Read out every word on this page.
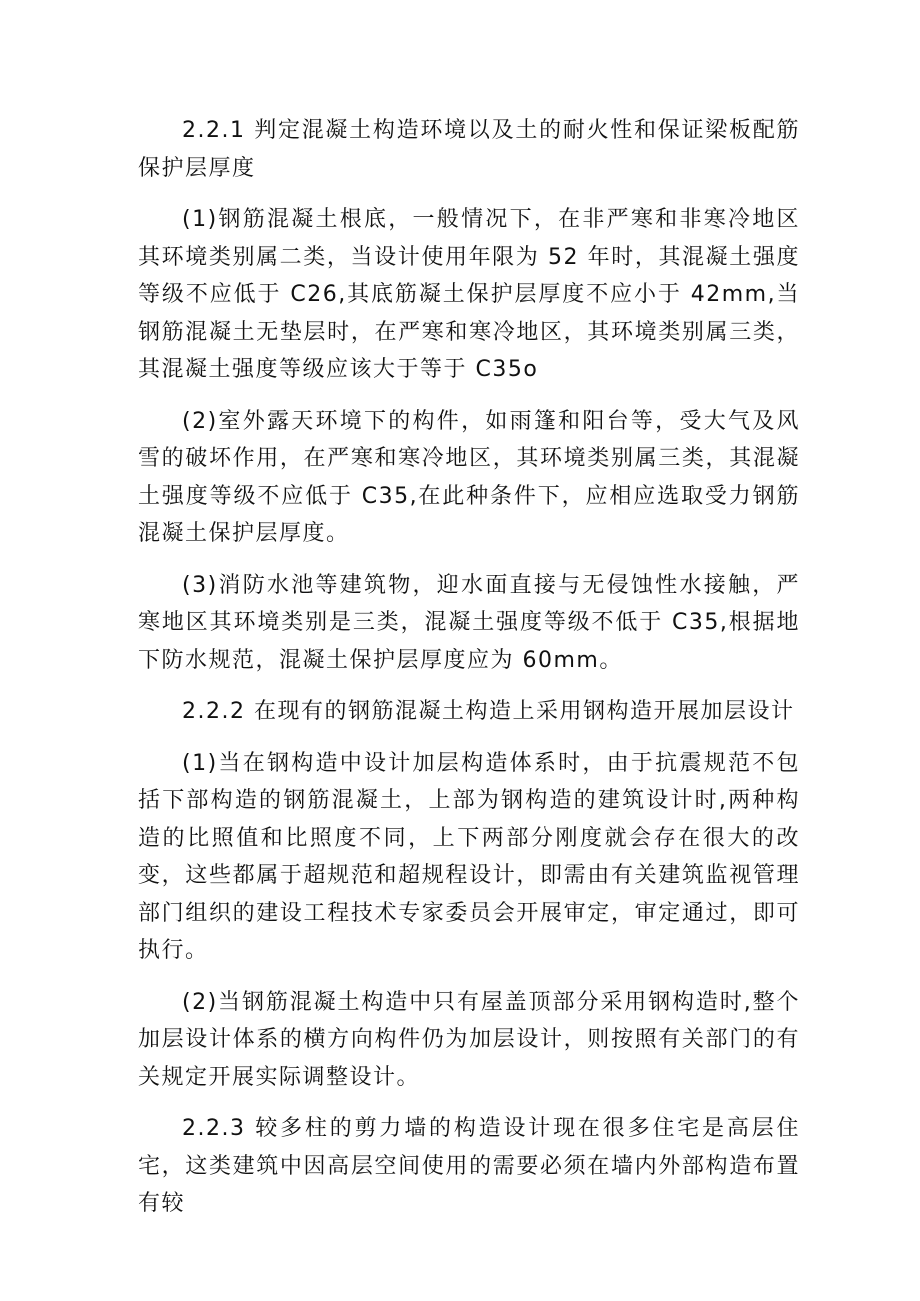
2.2.1 判定混凝土构造环境以及土的耐火性和保证梁板配筋保护层厚度

(1)钢筋混凝土根底，一般情况下，在非严寒和非寒冷地区其环境类别属二类，当设计使用年限为 52 年时，其混凝土强度等级不应低于 C26,其底筋凝土保护层厚度不应小于 42mm,当钢筋混凝土无垫层时，在严寒和寒冷地区，其环境类别属三类，其混凝土强度等级应该大于等于 C35o

(2)室外露天环境下的构件，如雨篷和阳台等，受大气及风雪的破坏作用，在严寒和寒冷地区，其环境类别属三类，其混凝土强度等级不应低于 C35,在此种条件下，应相应选取受力钢筋混凝土保护层厚度。

(3)消防水池等建筑物，迎水面直接与无侵蚀性水接触，严寒地区其环境类别是三类，混凝土强度等级不低于 C35,根据地下防水规范，混凝土保护层厚度应为 60mm。

2.2.2 在现有的钢筋混凝土构造上采用钢构造开展加层设计

(1)当在钢构造中设计加层构造体系时，由于抗震规范不包括下部构造的钢筋混凝土，上部为钢构造的建筑设计时,两种构造的比照值和比照度不同，上下两部分刚度就会存在很大的改变，这些都属于超规范和超规程设计，即需由有关建筑监视管理部门组织的建设工程技术专家委员会开展审定，审定通过，即可执行。

(2)当钢筋混凝土构造中只有屋盖顶部分采用钢构造时,整个加层设计体系的横方向构件仍为加层设计，则按照有关部门的有关规定开展实际调整设计。

2.2.3 较多柱的剪力墙的构造设计现在很多住宅是高层住宅，这类建筑中因高层空间使用的需要必须在墙内外部构造布置有较
